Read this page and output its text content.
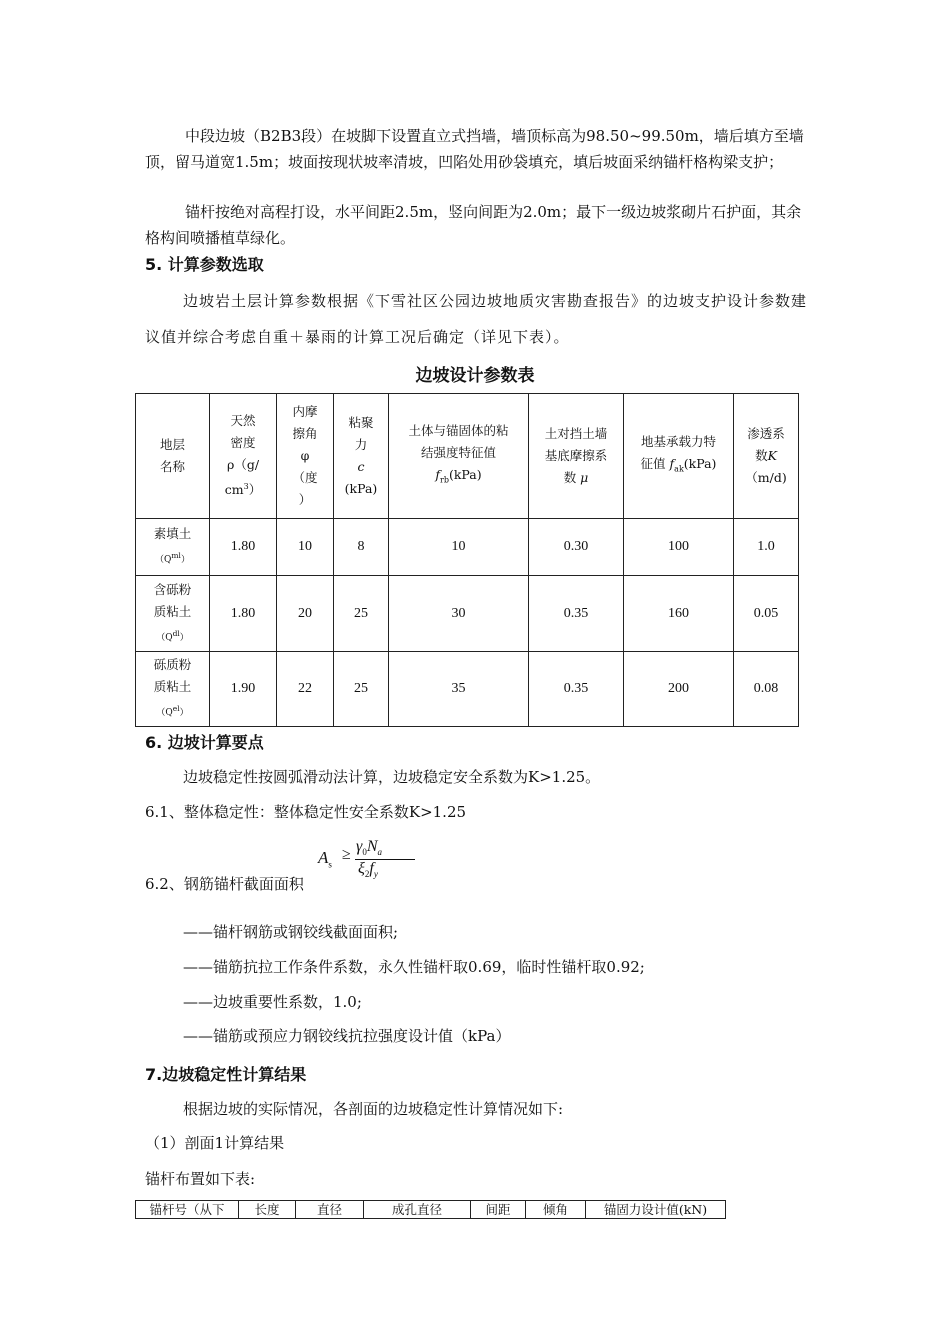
中段边坡（B2B3段）在坡脚下设置直立式挡墙，墙顶标高为98.50~99.50m，墙后填方至墙顶，留马道宽1.5m；坡面按现状坡率清坡，凹陷处用砂袋填充，填后坡面采纳锚杆格构梁支护；

锚杆按绝对高程打设，水平间距2.5m，竖向间距为2.0m；最下一级边坡浆砌片石护面，其余格构间喷播植草绿化。

5. 计算参数选取

边坡岩土层计算参数根据《下雪社区公园边坡地质灾害勘查报告》的边坡支护设计参数建议值并综合考虑自重＋暴雨的计算工况后确定（详见下表）。

边坡设计参数表
地层
名称	天然
密度
ρ（g/
$cm^3$）	内摩
擦角
φ
（度
）	粘聚
力
c
(kPa)	土体与锚固体的粘
结强度特征值
$f_{rb}(kPa)$	土对挡土墙
基底摩擦系
数 μ	地基承载力特
征值 $f_{ak}(kPa)$	渗透系
数K
（m/d)
素填土
$(Q^{ml})$	1.80	10	8	10	0.30	100	1.0
含砾粉
质粘土
$(Q^{dl})$	1.80	20	25	30	0.35	160	0.05
砾质粉
质粘土
$(Q^{el})$	1.90	22	25	35	0.35	200	0.08
6. 边坡计算要点

边坡稳定性按圆弧滑动法计算，边坡稳定安全系数为K>1.25。

6.1、整体稳定性：整体稳定性安全系数K>1.25

$A_s$
≥ $\gamma_0N_a$
$\xi_2f_y$

6.2、钢筋锚杆截面面积

——锚杆钢筋或钢铰线截面面积;

——锚筋抗拉工作条件系数，永久性锚杆取0.69，临时性锚杆取0.92;

——边坡重要性系数，1.0;

——锚筋或预应力钢铰线抗拉强度设计值（kPa）

7.边坡稳定性计算结果

根据边坡的实际情况，各剖面的边坡稳定性计算情况如下:

（1）剖面1计算结果

锚杆布置如下表:

锚杆号（从下	长度	直径	成孔直径	间距	倾角	锚固力设计值(kN)
